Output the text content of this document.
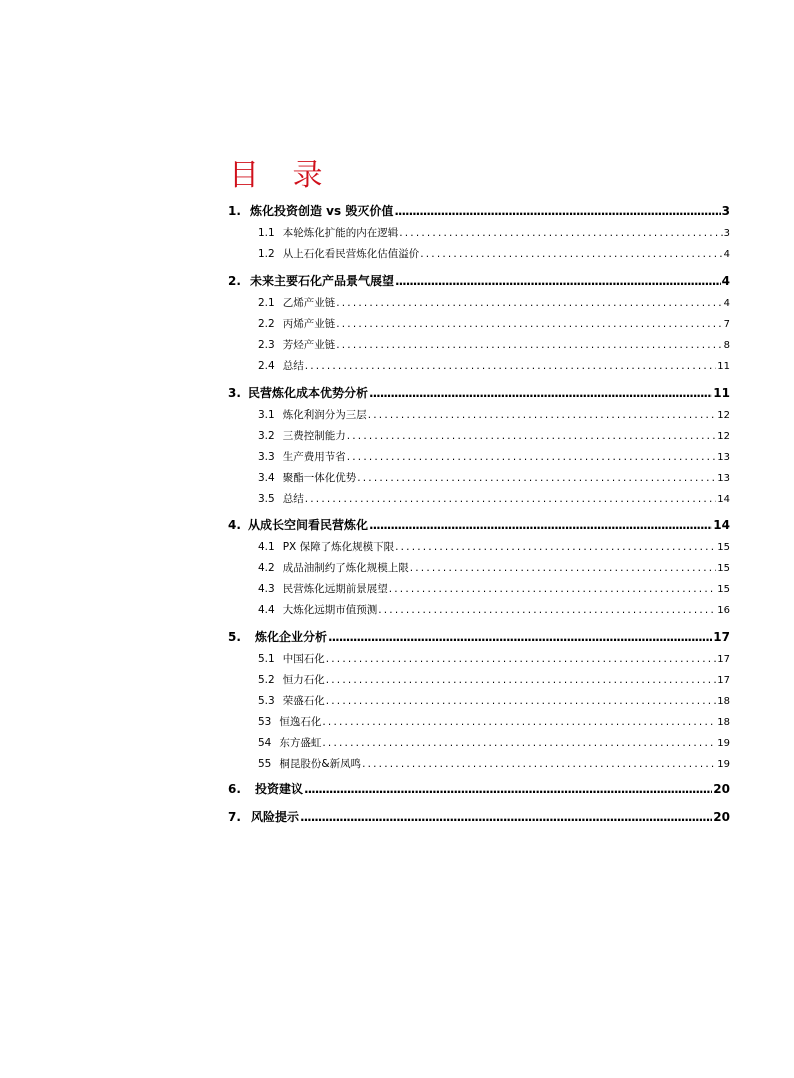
目 录
1. 炼化投资创造 vs 毁灭价值 .....	3
1.1 本轮炼化扩能的内在逻辑 .....	3
1.2 从上石化看民营炼化估值溢价 .....	4
2. 未来主要石化产品景气展望 .....	4
2.1 乙烯产业链 .....	4
2.2 丙烯产业链 .....	7
2.3 芳烃产业链 .....	8
2.4 总结 .....	11
3. 民营炼化成本优势分析 .....	11
3.1 炼化利润分为三层 .....	12
3.2 三费控制能力 .....	12
3.3 生产费用节省 .....	13
3.4 聚酯一体化优势 .....	13
3.5 总结 .....	14
4. 从成长空间看民营炼化 .....	14
4.1 PX 保障了炼化规模下限 .....	15
4.2 成品油制约了炼化规模上限 .....	15
4.3 民营炼化远期前景展望 .....	15
4.4 大炼化远期市值预测 .....	16
5.	炼化企业分析 .....	17
5.1 中国石化 .....	17
5.2 恒力石化 .....	17
5.3 荣盛石化 .....	18
53 恒逸石化 .....	18
54 东方盛虹 .....	19
55 桐昆股份&新凤鸣 .....	19
6.	投资建议 .....	20
7. 风险提示 .....	20
